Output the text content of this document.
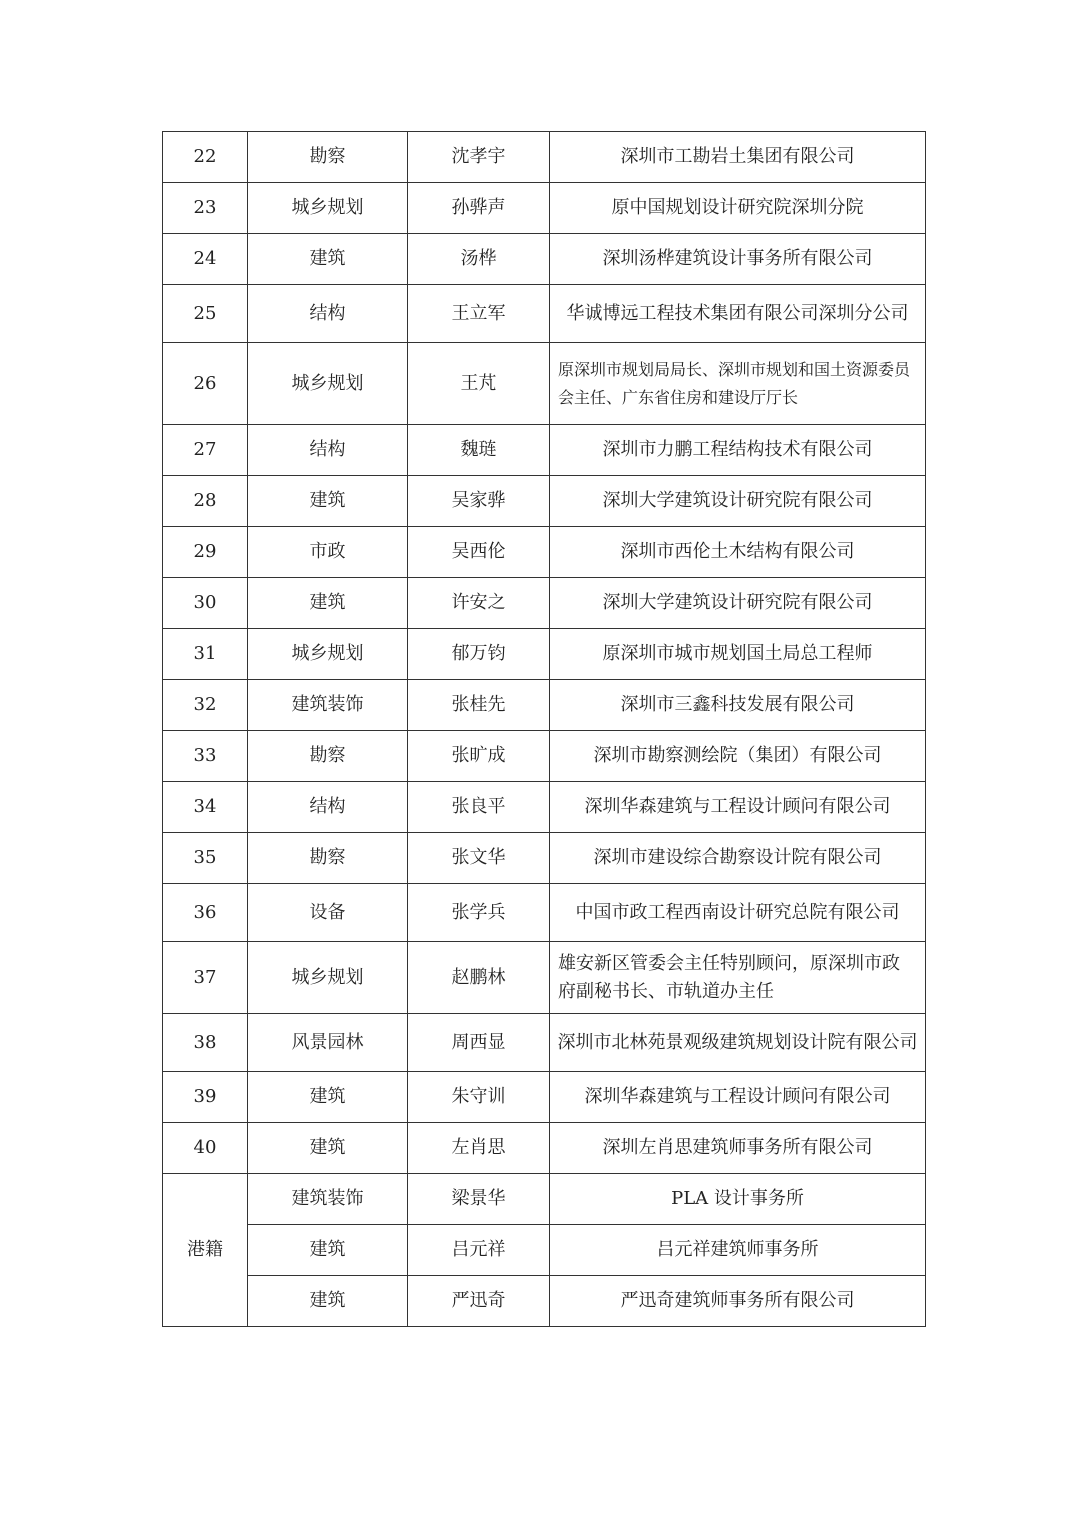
22	勘察	沈孝宇	深圳市工勘岩土集团有限公司
23	城乡规划	孙骅声	原中国规划设计研究院深圳分院
24	建筑	汤桦	深圳汤桦建筑设计事务所有限公司
25	结构	王立军	华诚博远工程技术集团有限公司深圳分公司
26	城乡规划	王芃	原深圳市规划局局长、深圳市规划和国土资源委员会主任、广东省住房和建设厅厅长
27	结构	魏琏	深圳市力鹏工程结构技术有限公司
28	建筑	吴家骅	深圳大学建筑设计研究院有限公司
29	市政	吴西伦	深圳市西伦土木结构有限公司
30	建筑	许安之	深圳大学建筑设计研究院有限公司
31	城乡规划	郁万钧	原深圳市城市规划国土局总工程师
32	建筑装饰	张桂先	深圳市三鑫科技发展有限公司
33	勘察	张旷成	深圳市勘察测绘院（集团）有限公司
34	结构	张良平	深圳华森建筑与工程设计顾问有限公司
35	勘察	张文华	深圳市建设综合勘察设计院有限公司
36	设备	张学兵	中国市政工程西南设计研究总院有限公司
37	城乡规划	赵鹏林	雄安新区管委会主任特别顾问，原深圳市政府副秘书长、市轨道办主任
38	风景园林	周西显	深圳市北林苑景观级建筑规划设计院有限公司
39	建筑	朱守训	深圳华森建筑与工程设计顾问有限公司
40	建筑	左肖思	深圳左肖思建筑师事务所有限公司
港籍	建筑装饰	梁景华	PLA 设计事务所
	建筑	吕元祥	吕元祥建筑师事务所
	建筑	严迅奇	严迅奇建筑师事务所有限公司
